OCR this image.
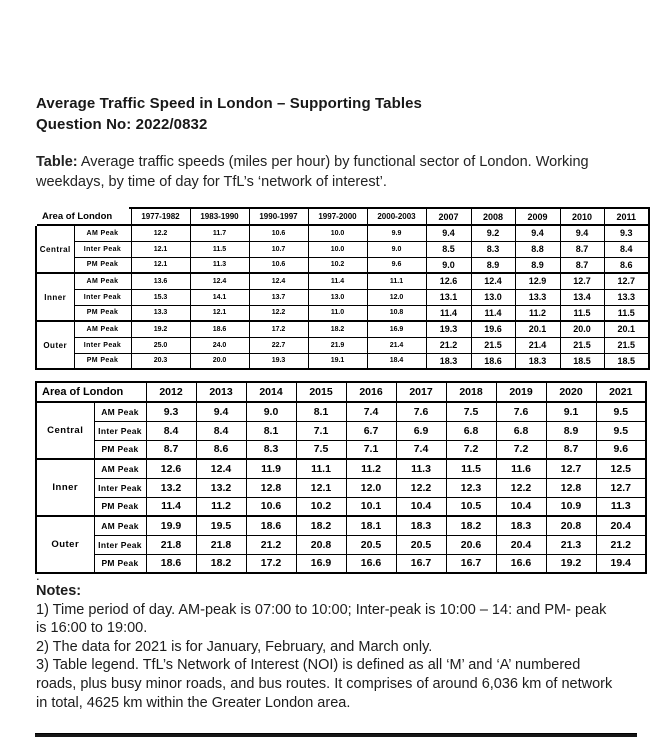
Average Traffic Speed in London – Supporting Tables
Question No: 2022/0832

Table: Average traffic speeds (miles per hour) by functional sector of London. Working
weekdays, by time of day for TfL’s ‘network of interest’.

Area of London		1977-1982	1983-1990	1990-1997	1997-2000	2000-2003	2007	2008	2009	2010	2011
Central	AM Peak	12.2	11.7	10.6	10.0	9.9	9.4	9.2	9.4	9.4	9.3
	Inter Peak	12.1	11.5	10.7	10.0	9.0	8.5	8.3	8.8	8.7	8.4
	PM Peak	12.1	11.3	10.6	10.2	9.6	9.0	8.9	8.9	8.7	8.6
Inner	AM Peak	13.6	12.4	12.4	11.4	11.1	12.6	12.4	12.9	12.7	12.7
	Inter Peak	15.3	14.1	13.7	13.0	12.0	13.1	13.0	13.3	13.4	13.3
	PM Peak	13.3	12.1	12.2	11.0	10.8	11.4	11.4	11.2	11.5	11.5
Outer	AM Peak	19.2	18.6	17.2	18.2	16.9	19.3	19.6	20.1	20.0	20.1
	Inter Peak	25.0	24.0	22.7	21.9	21.4	21.2	21.5	21.4	21.5	21.5
	PM Peak	20.3	20.0	19.3	19.1	18.4	18.3	18.6	18.3	18.5	18.5
Area of London		2012	2013	2014	2015	2016	2017	2018	2019	2020	2021
Central	AM Peak	9.3	9.4	9.0	8.1	7.4	7.6	7.5	7.6	9.1	9.5
	Inter Peak	8.4	8.4	8.1	7.1	6.7	6.9	6.8	6.8	8.9	9.5
	PM Peak	8.7	8.6	8.3	7.5	7.1	7.4	7.2	7.2	8.7	9.6
Inner	AM Peak	12.6	12.4	11.9	11.1	11.2	11.3	11.5	11.6	12.7	12.5
	Inter Peak	13.2	13.2	12.8	12.1	12.0	12.2	12.3	12.2	12.8	12.7
	PM Peak	11.4	11.2	10.6	10.2	10.1	10.4	10.5	10.4	10.9	11.3
Outer	AM Peak	19.9	19.5	18.6	18.2	18.1	18.3	18.2	18.3	20.8	20.4
	Inter Peak	21.8	21.8	21.2	20.8	20.5	20.5	20.6	20.4	21.3	21.2
	PM Peak	18.6	18.2	17.2	16.9	16.6	16.7	16.7	16.6	19.2	19.4
.
Notes:
1) Time period of day. AM-peak is 07:00 to 10:00; Inter-peak is 10:00 – 14: and PM- peak
is 16:00 to 19:00.
2) The data for 2021 is for January, February, and March only.
3) Table legend. TfL’s Network of Interest (NOI) is defined as all ‘M’ and ‘A’ numbered
roads, plus busy minor roads, and bus routes. It comprises of around 6,036 km of network
in total, 4625 km within the Greater London area.
